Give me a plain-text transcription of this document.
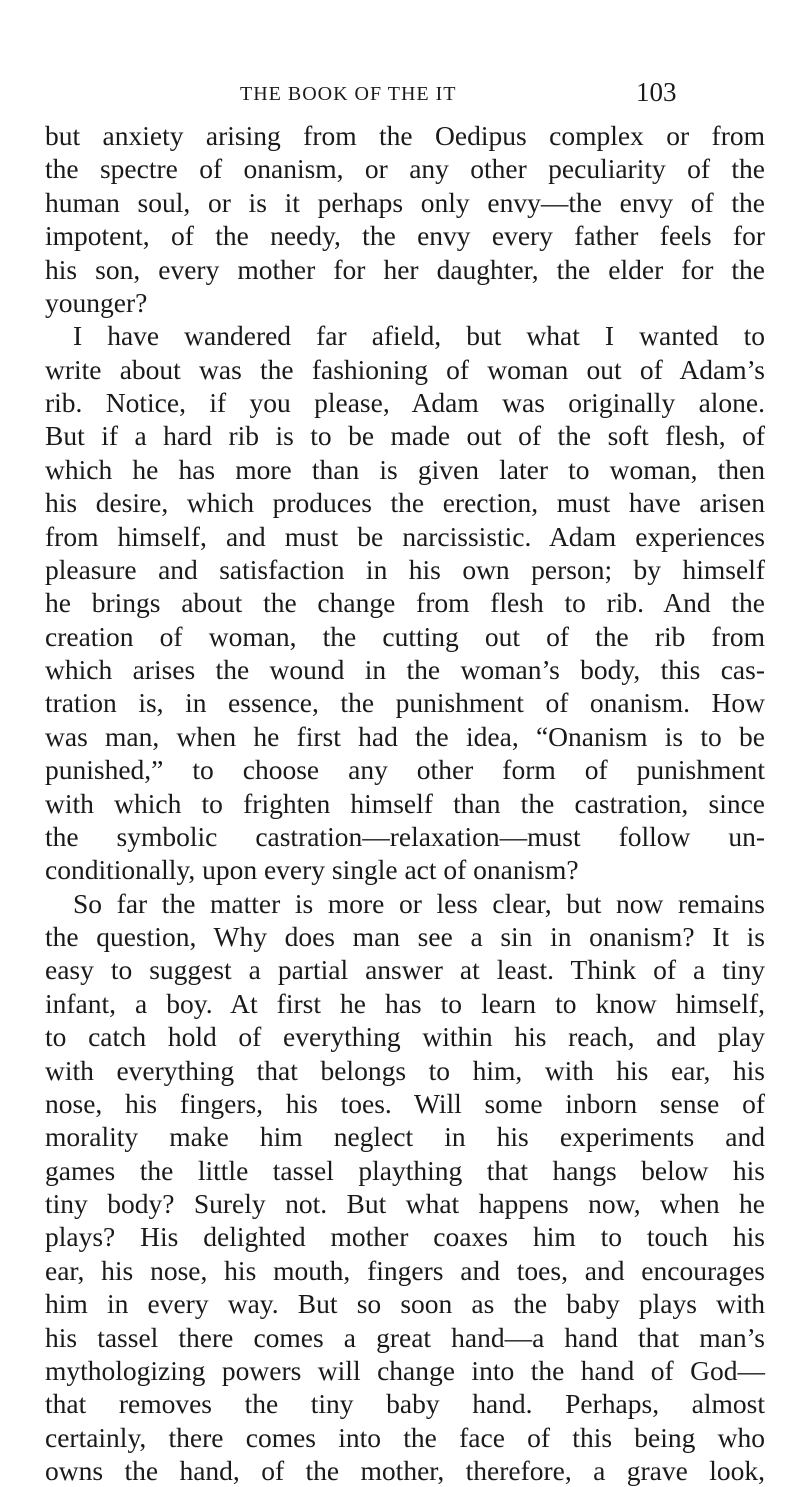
THE BOOK OF THE IT	103
but anxiety arising from the Oedipus complex or from
the spectre of onanism, or any other peculiarity of the
human soul, or is it perhaps only envy—the envy of the
impotent, of the needy, the envy every father feels for
his son, every mother for her daughter, the elder for the
younger?
I have wandered far afield, but what I wanted to
write about was the fashioning of woman out of Adam’s
rib. Notice, if you please, Adam was originally alone.
But if a hard rib is to be made out of the soft flesh, of
which he has more than is given later to woman, then
his desire, which produces the erection, must have arisen
from himself, and must be narcissistic. Adam experiences
pleasure and satisfaction in his own person; by himself
he brings about the change from flesh to rib. And the
creation of woman, the cutting out of the rib from
which arises the wound in the woman’s body, this cas-
tration is, in essence, the punishment of onanism. How
was man, when he first had the idea, “Onanism is to be
punished,” to choose any other form of punishment
with which to frighten himself than the castration, since
the symbolic castration—relaxation—must follow un-
conditionally, upon every single act of onanism?
So far the matter is more or less clear, but now remains
the question, Why does man see a sin in onanism? It is
easy to suggest a partial answer at least. Think of a tiny
infant, a boy. At first he has to learn to know himself,
to catch hold of everything within his reach, and play
with everything that belongs to him, with his ear, his
nose, his fingers, his toes. Will some inborn sense of
morality make him neglect in his experiments and
games the little tassel plaything that hangs below his
tiny body? Surely not. But what happens now, when he
plays? His delighted mother coaxes him to touch his
ear, his nose, his mouth, fingers and toes, and encourages
him in every way. But so soon as the baby plays with
his tassel there comes a great hand—a hand that man’s
mythologizing powers will change into the hand of God—
that removes the tiny baby hand. Perhaps, almost
certainly, there comes into the face of this being who
owns the hand, of the mother, therefore, a grave look,
